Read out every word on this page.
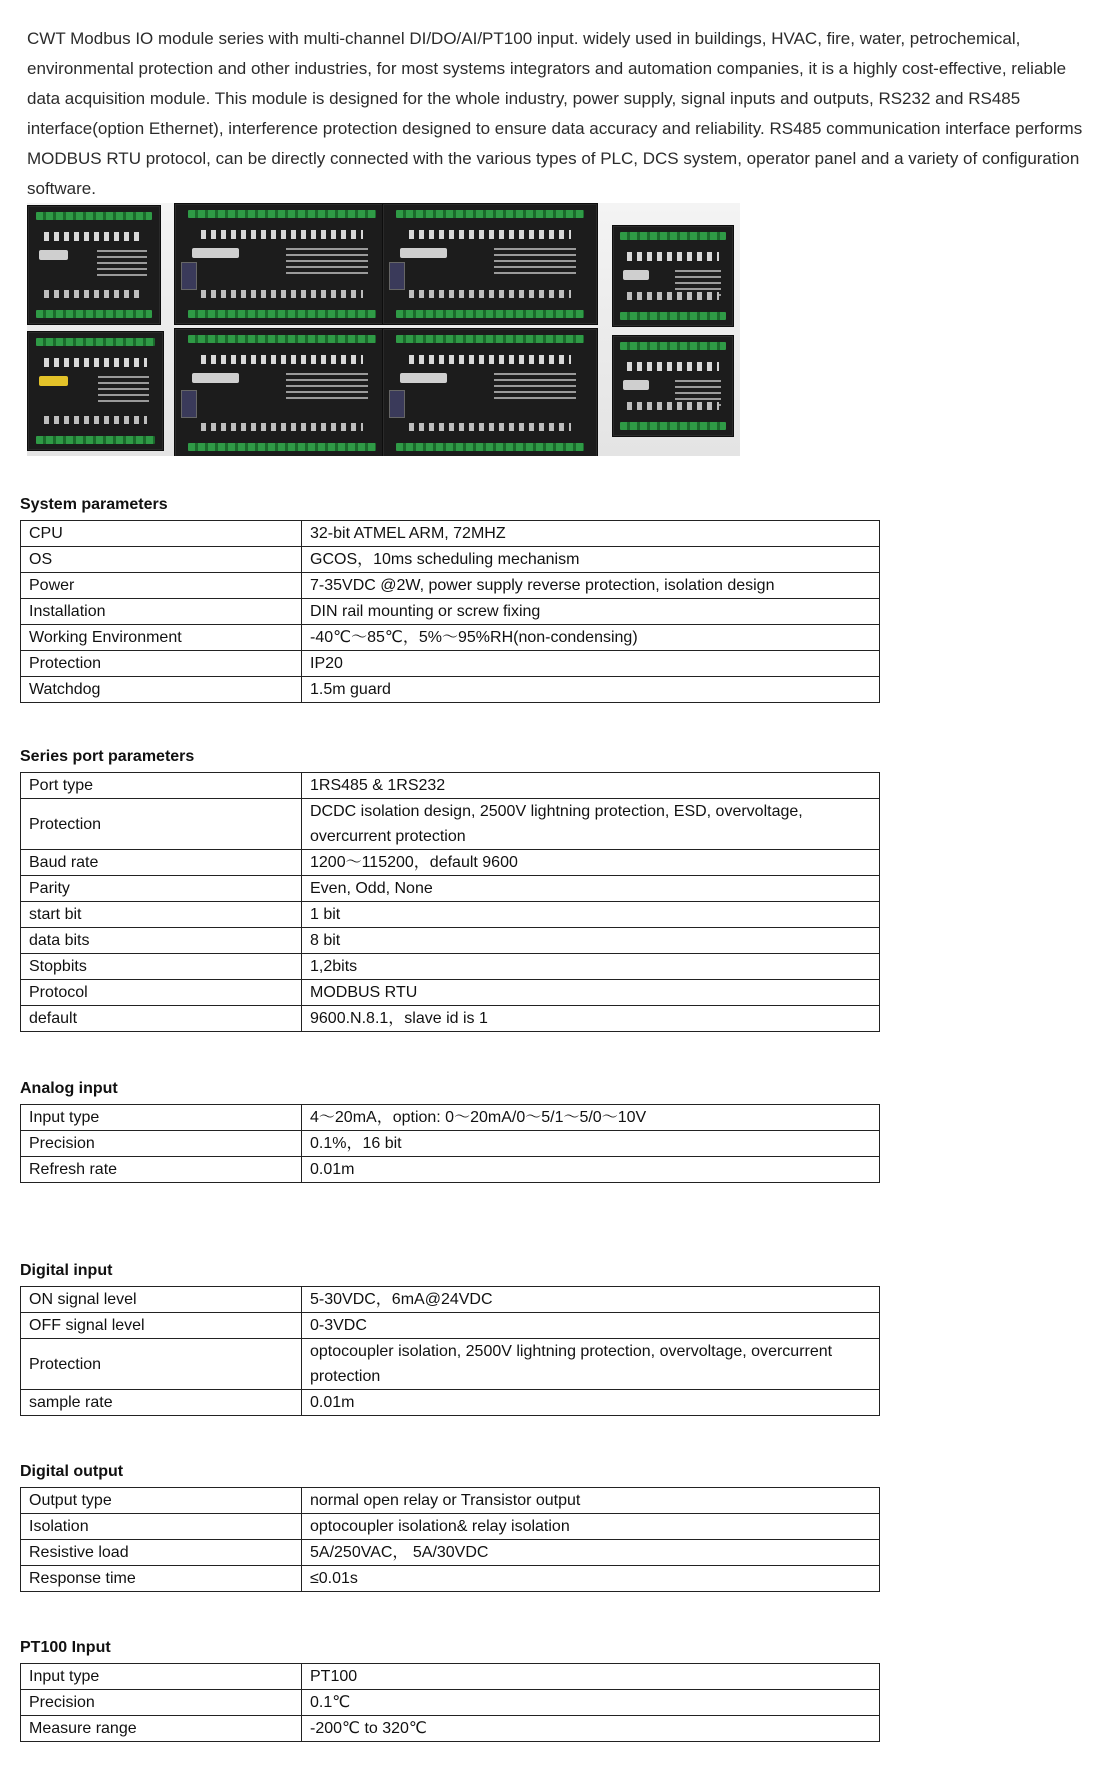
CWT Modbus IO module series with multi-channel DI/DO/AI/PT100 input. widely used in buildings, HVAC, fire, water, petrochemical, environmental protection and other industries, for most systems integrators and automation companies, it is a highly cost-effective, reliable data acquisition module. This module is designed for the whole industry, power supply, signal inputs and outputs, RS232 and RS485 interface(option Ethernet), interference protection designed to ensure data accuracy and reliability. RS485 communication interface performs MODBUS RTU protocol, can be directly connected with the various types of PLC, DCS system, operator panel and a variety of configuration software.

System parameters
CPU	32-bit ATMEL ARM, 72MHZ
OS	GCOS，10ms scheduling mechanism
Power	7-35VDC @2W, power supply reverse protection, isolation design
Installation	DIN rail mounting or screw fixing
Working Environment	-40℃～85℃，5%～95%RH(non-condensing)
Protection	IP20
Watchdog	1.5m guard
Series port parameters
Port type	1RS485 & 1RS232
Protection	DCDC isolation design, 2500V lightning protection, ESD, overvoltage, overcurrent protection
Baud rate	1200～115200，default 9600
Parity	Even, Odd, None
start bit	1 bit
data bits	8 bit
Stopbits	1,2bits
Protocol	MODBUS RTU
default	9600.N.8.1，slave id is 1
Analog input
Input type	4～20mA，option: 0～20mA/0～5/1～5/0～10V
Precision	0.1%，16 bit
Refresh rate	0.01m
Digital input
ON signal level	5-30VDC，6mA@24VDC
OFF signal level	0-3VDC
Protection	optocoupler isolation, 2500V lightning protection, overvoltage, overcurrent protection
sample rate	0.01m
Digital output
Output type	normal open relay or Transistor output
Isolation	optocoupler isolation& relay isolation
Resistive load	5A/250VAC， 5A/30VDC
Response time	≤0.01s
PT100 Input
Input type	PT100
Precision	0.1℃
Measure range	-200℃ to 320℃
